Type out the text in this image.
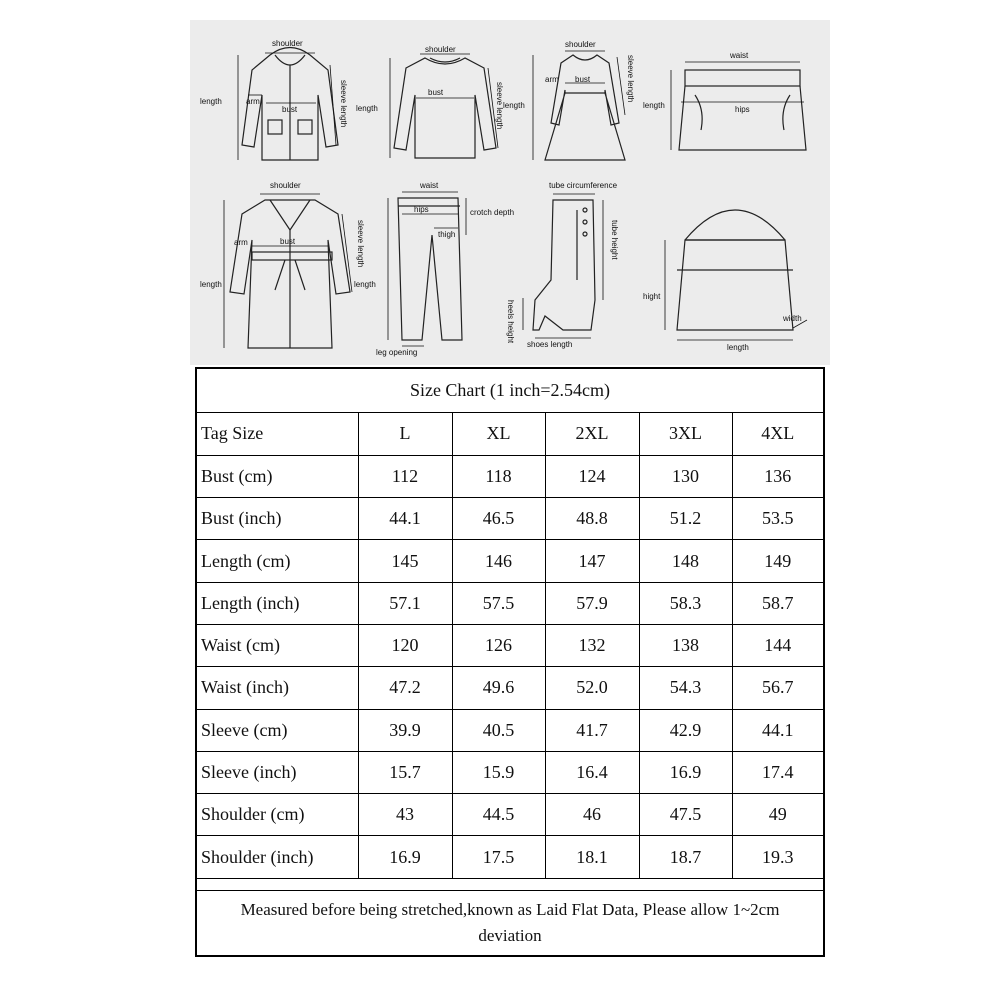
shoulder
length	arm
bust	sleeve length
shoulder
length
bust	sleeve length
shoulder
length
arm bust	sleeve length	waist
length	hips
shoulder
length
arm	bust	sleeve length
waist
hips	crotch depth
thigh
length
leg opening
tube circumference
tube height
heels height
shoes length
hight
width
length
Size Chart (1 inch=2.54cm)
Tag Size	L	XL	2XL	3XL	4XL
Bust (cm)	112	118	124	130	136
Bust (inch)	44.1	46.5	48.8	51.2	53.5
Length (cm)	145	146	147	148	149
Length (inch)	57.1	57.5	57.9	58.3	58.7
Waist (cm)	120	126	132	138	144
Waist (inch)	47.2	49.6	52.0	54.3	56.7
Sleeve (cm)	39.9	40.5	41.7	42.9	44.1
Sleeve (inch)	15.7	15.9	16.4	16.9	17.4
Shoulder (cm)	43	44.5	46	47.5	49
Shoulder (inch)	16.9	17.5	18.1	18.7	19.3
Measured before being stretched,known as Laid Flat Data, Please allow 1~2cm deviation
